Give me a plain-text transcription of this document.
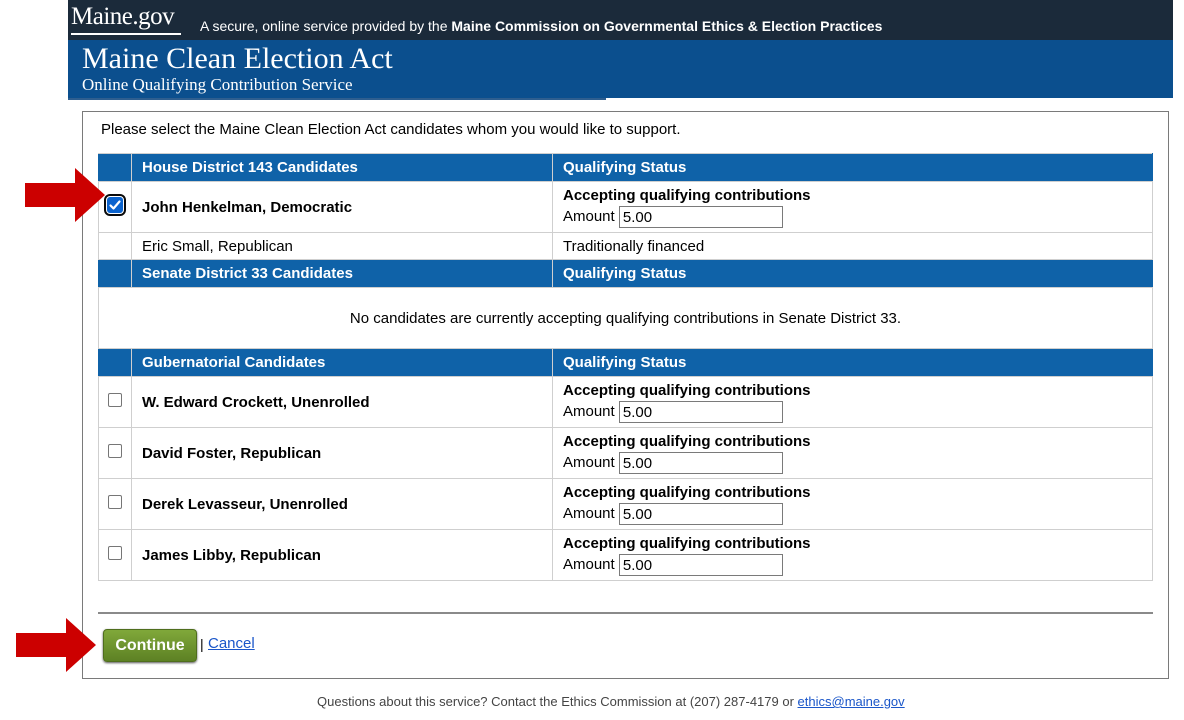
Maine.gov A secure, online service provided by the Maine Commission on Governmental Ethics & Election Practices
Maine Clean Election Act
Online Qualifying Contribution Service
Please select the Maine Clean Election Act candidates whom you would like to support.
	House District 143 Candidates	Qualifying Status

	John Henkelman, Democratic	Accepting qualifying contributions
Amount 5.00

	Eric Small, Republican	Traditionally financed
	Senate District 33 Candidates	Qualifying Status
No candidates are currently accepting qualifying contributions in Senate District 33.		
	Gubernatorial Candidates	Qualifying Status
	W. Edward Crockett, Unenrolled	Accepting qualifying contributions
Amount 5.00

	David Foster, Republican	Accepting qualifying contributions
Amount 5.00

	Derek Levasseur, Unenrolled	Accepting qualifying contributions
Amount 5.00

	James Libby, Republican	Accepting qualifying contributions
Amount 5.00
Continue	| Cancel
Questions about this service? Contact the Ethics Commission at (207) 287-4179 or ethics@maine.gov
